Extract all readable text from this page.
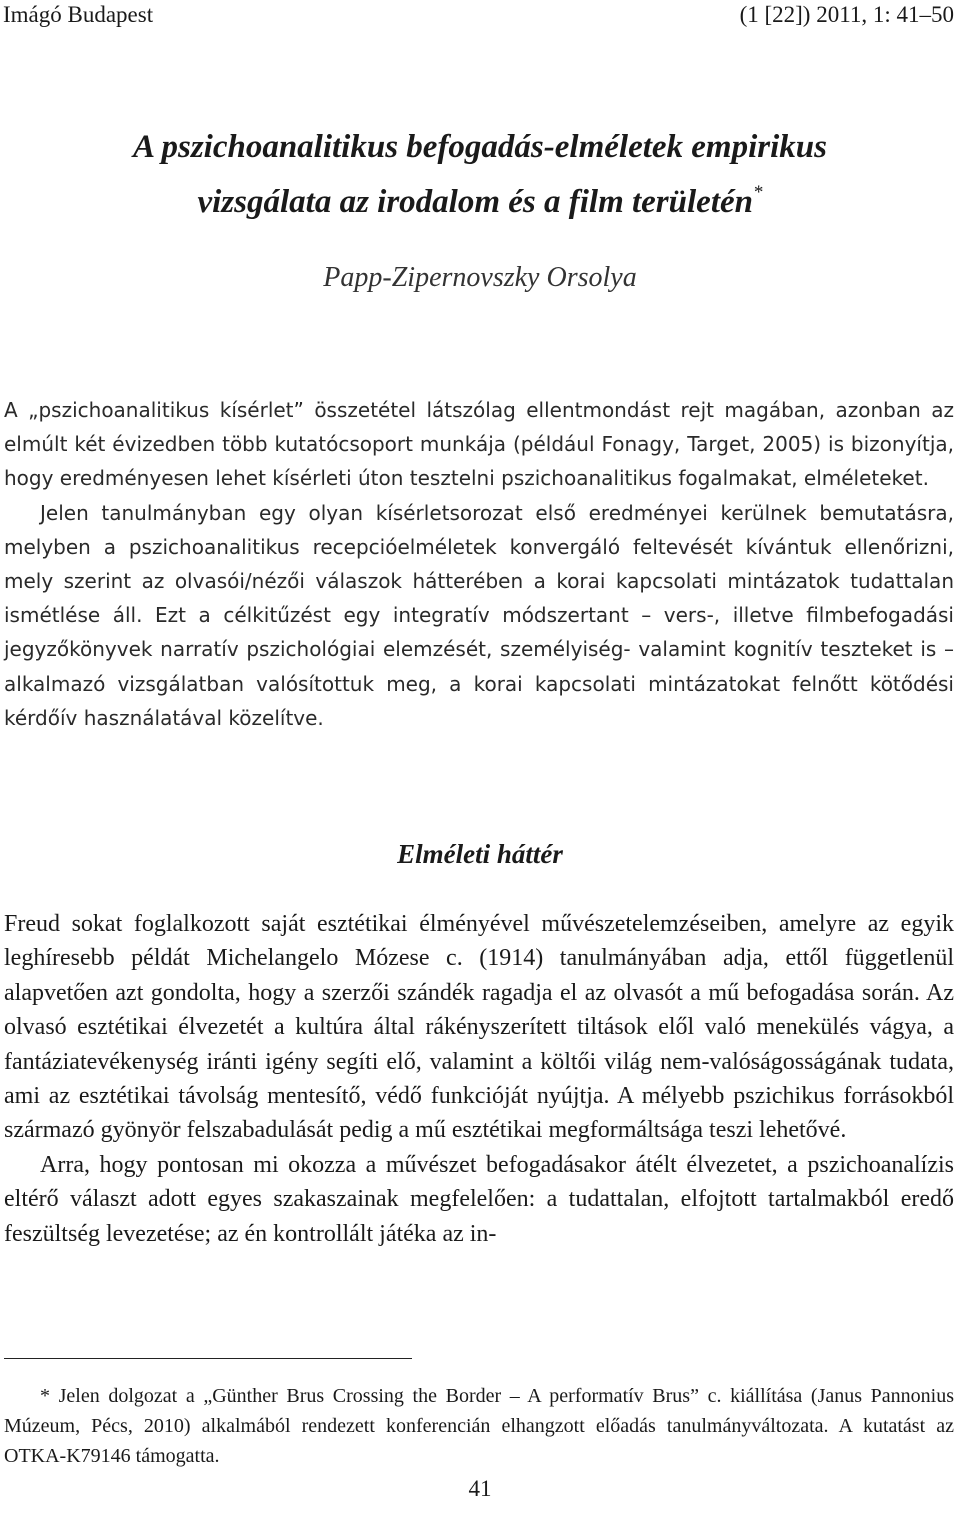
Imágó Budapest	(1 [22]) 2011, 1: 41–50
A pszichoanalitikus befogadás-elméletek empirikus
vizsgálata az irodalom és a film területén*
Papp-Zipernovszky Orsolya

A „pszichoanalitikus kísérlet” összetétel látszólag ellentmondást rejt magában, azonban az elmúlt két évizedben több kutatócsoport munkája (például Fonagy, Target, 2005) is bizonyítja, hogy eredményesen lehet kísérleti úton tesztelni pszichoanalitikus fogalmakat, elméleteket.

Jelen tanulmányban egy olyan kísérletsorozat első eredményei kerülnek bemutatásra, melyben a pszichoanalitikus recepcióelméletek konvergáló feltevését kívántuk ellenőrizni, mely szerint az olvasói/nézői válaszok hátterében a korai kapcsolati mintázatok tudattalan ismétlése áll. Ezt a célkitűzést egy integratív módszertant – vers-, illetve filmbefogadási jegyzőkönyvek narratív pszichológiai elemzését, személyiség- valamint kognitív teszteket is – alkalmazó vizsgálatban valósítottuk meg, a korai kapcsolati mintázatokat felnőtt kötődési kérdőív használatával közelítve.

Elméleti háttér

Freud sokat foglalkozott saját esztétikai élményével művészetelemzéseiben, amelyre az egyik leghíresebb példát Michelangelo Mózese c. (1914) tanulmányában adja, ettől függetlenül alapvetően azt gondolta, hogy a szerzői szándék ragadja el az olvasót a mű befogadása során. Az olvasó esztétikai élvezetét a kultúra által rákényszerített tiltások elől való menekülés vágya, a fantáziatevékenység iránti igény segíti elő, valamint a költői világ nem-valóságosságának tudata, ami az esztétikai távolság mentesítő, védő funkcióját nyújtja. A mélyebb pszichikus forrásokból származó gyönyör felszabadulását pedig a mű esztétikai megformáltsága teszi lehetővé.

Arra, hogy pontosan mi okozza a művészet befogadásakor átélt élvezetet, a pszichoanalízis eltérő választ adott egyes szakaszainak megfelelően: a tudattalan, elfojtott tartalmakból eredő feszültség levezetése; az én kontrollált játéka az in-

* Jelen dolgozat a „Günther Brus Crossing the Border – A performatív Brus” c. kiállítása (Janus Pannonius Múzeum, Pécs, 2010) alkalmából rendezett konferencián elhangzott előadás tanulmányváltozata. A kutatást az OTKA-K79146 támogatta.

41
